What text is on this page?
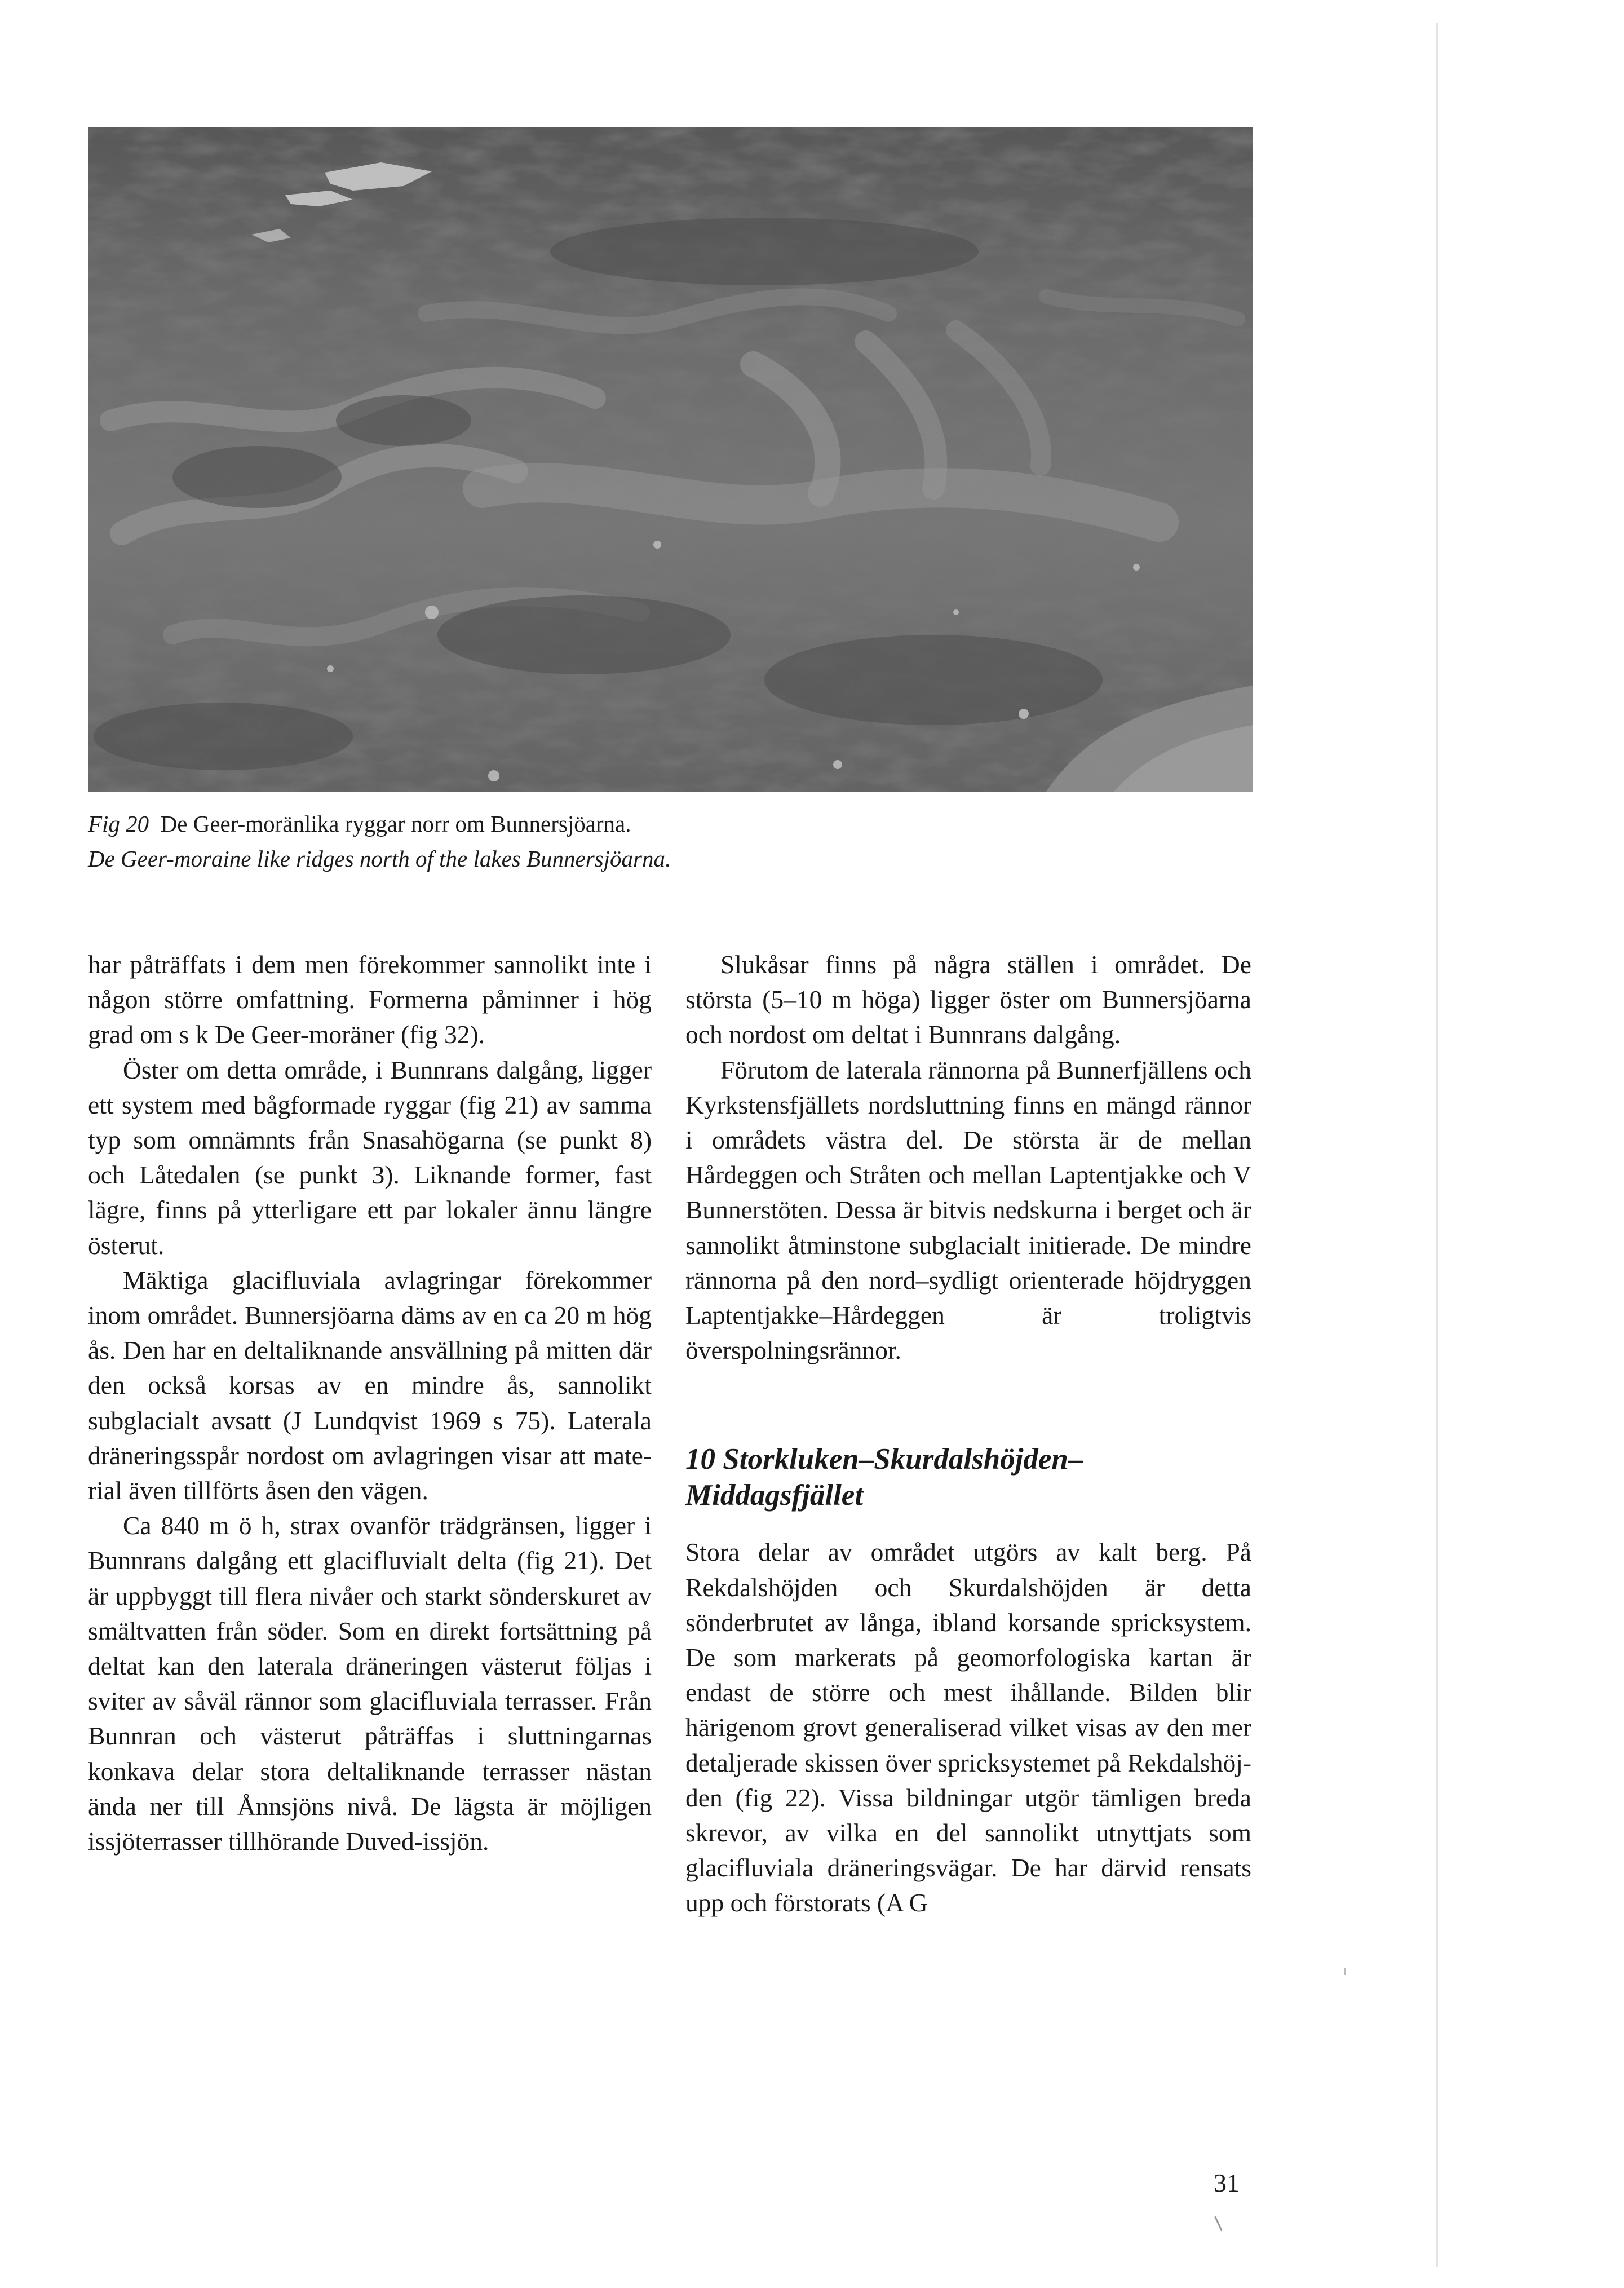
Fig 20 De Geer-moränlika ryggar norr om Bunnersjöarna.
De Geer-moraine like ridges north of the lakes Bunnersjöarna.

har påträffats i dem men förekommer sannolikt inte i någon större omfattning. Formerna påminner i hög grad om s k De Geer-moräner (fig 32).

Öster om detta område, i Bunnrans dalgång, ligger ett system med bågformade ryggar (fig 21) av samma typ som omnämnts från Snasahögarna (se punkt 8) och Låtedalen (se punkt 3). Liknande former, fast lägre, finns på ytterligare ett par lokaler ännu längre österut.

Mäktiga glacifluviala avlagringar förekommer inom området. Bunnersjöarna däms av en ca 20 m hög ås. Den har en deltaliknande ansvällning på mitten där den också korsas av en mindre ås, sannolikt subglacialt avsatt (J Lundqvist 1969 s 75). Laterala dräneringsspår nordost om avlagringen visar att material även tillförts åsen den vägen.

Ca 840 m ö h, strax ovanför trädgränsen, ligger i Bunnrans dalgång ett glacifluvialt delta (fig 21). Det är uppbyggt till flera nivåer och starkt sönderskuret av smältvatten från söder. Som en direkt fortsättning på deltat kan den laterala dräneringen västerut följas i sviter av såväl rännor som glacifluviala terrasser. Från Bunnran och västerut påträffas i sluttningarnas konkava delar stora deltaliknande terrasser nästan ända ner till Ånnsjöns nivå. De lägsta är möjligen issjöterrasser tillhörande Duved-issjön.

Slukåsar finns på några ställen i området. De största (5–10 m höga) ligger öster om Bunnersjöarna och nordost om deltat i Bunnrans dalgång.

Förutom de laterala rännorna på Bunnerfjällens och Kyrkstensfjällets nordsluttning finns en mängd rännor i områdets västra del. De största är de mellan Hårdeggen och Stråten och mellan Laptentjakke och V Bunnerstöten. Dessa är bitvis nedskurna i berget och är sannolikt åtminstone subglacialt initierade. De mindre rännorna på den nord–sydligt orienterade höjdryggen Laptentjakke–Hårdeggen är troligtvis överspolningsrännor.

10 Storkluken–Skurdalshöjden–Middagsfjället

Stora delar av området utgörs av kalt berg. På Rekdalshöjden och Skurdalshöjden är detta sönderbrutet av långa, ibland korsande spricksystem. De som markerats på geomorfologiska kartan är endast de större och mest ihållande. Bilden blir härigenom grovt generaliserad vilket visas av den mer detaljerade skissen över spricksystemet på Rekdalshöjden (fig 22). Vissa bildningar utgör tämligen breda skrevor, av vilka en del sannolikt utnyttjats som glacifluviala dräneringsvägar. De har därvid rensats upp och förstorats (A G

31
